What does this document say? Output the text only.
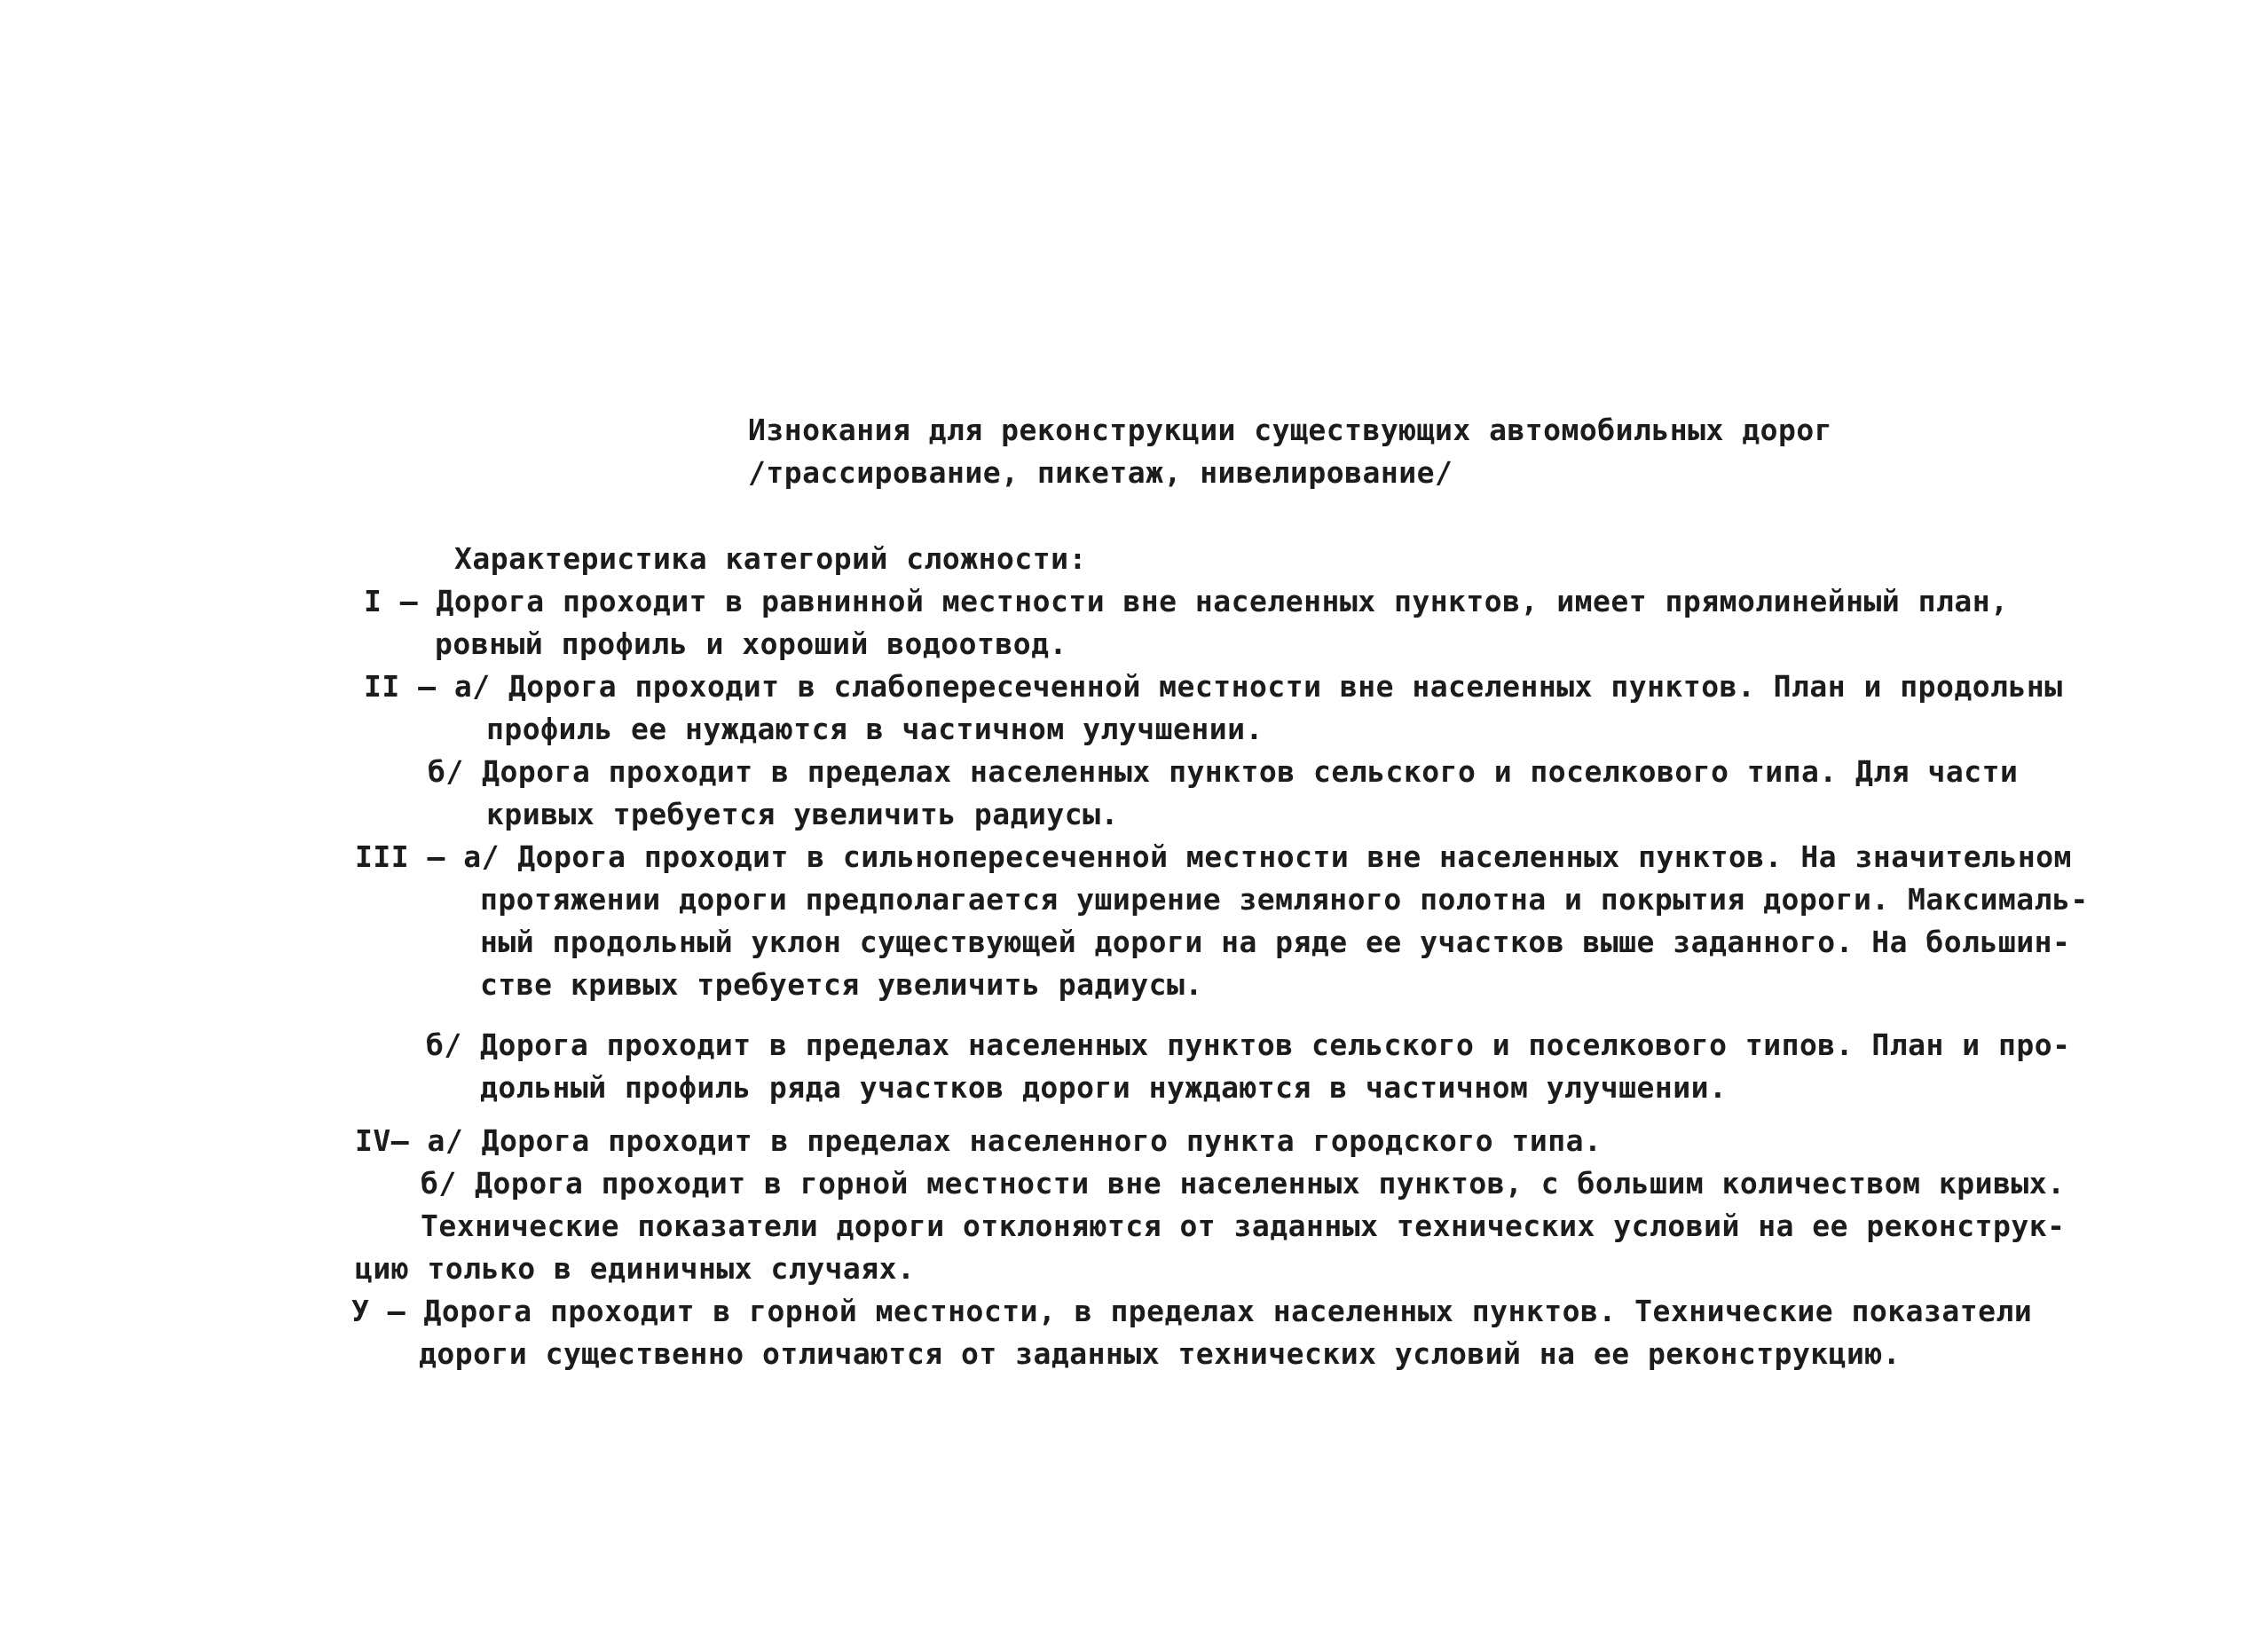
Изнокания для реконструкции существующих автомобильных дорог
/трассирование, пикетаж, нивелирование/
Характеристика категорий сложности:
I – Дорога проходит в равнинной местности вне населенных пунктов, имеет прямолинейный план,
ровный профиль и хороший водоотвод.
II – а/ Дорога проходит в слабопересеченной местности вне населенных пунктов. План и продольны
профиль ее нуждаются в частичном улучшении.
б/ Дорога проходит в пределах населенных пунктов сельского и поселкового типа. Для части
кривых требуется увеличить радиусы.
III – а/ Дорога проходит в сильнопересеченной местности вне населенных пунктов. На значительном
протяжении дороги предполагается уширение земляного полотна и покрытия дороги. Максималь-
ный продольный уклон существующей дороги на ряде ее участков выше заданного. На большин-
стве кривых требуется увеличить радиусы.
б/ Дорога проходит в пределах населенных пунктов сельского и поселкового типов. План и про-
дольный профиль ряда участков дороги нуждаются в частичном улучшении.
IV– а/ Дорога проходит в пределах населенного пункта городского типа.
б/ Дорога проходит в горной местности вне населенных пунктов, с большим количеством кривых.
Технические показатели дороги отклоняются от заданных технических условий на ее реконструк-
цию только в единичных случаях.
У – Дорога проходит в горной местности, в пределах населенных пунктов. Технические показатели
дороги существенно отличаются от заданных технических условий на ее реконструкцию.
